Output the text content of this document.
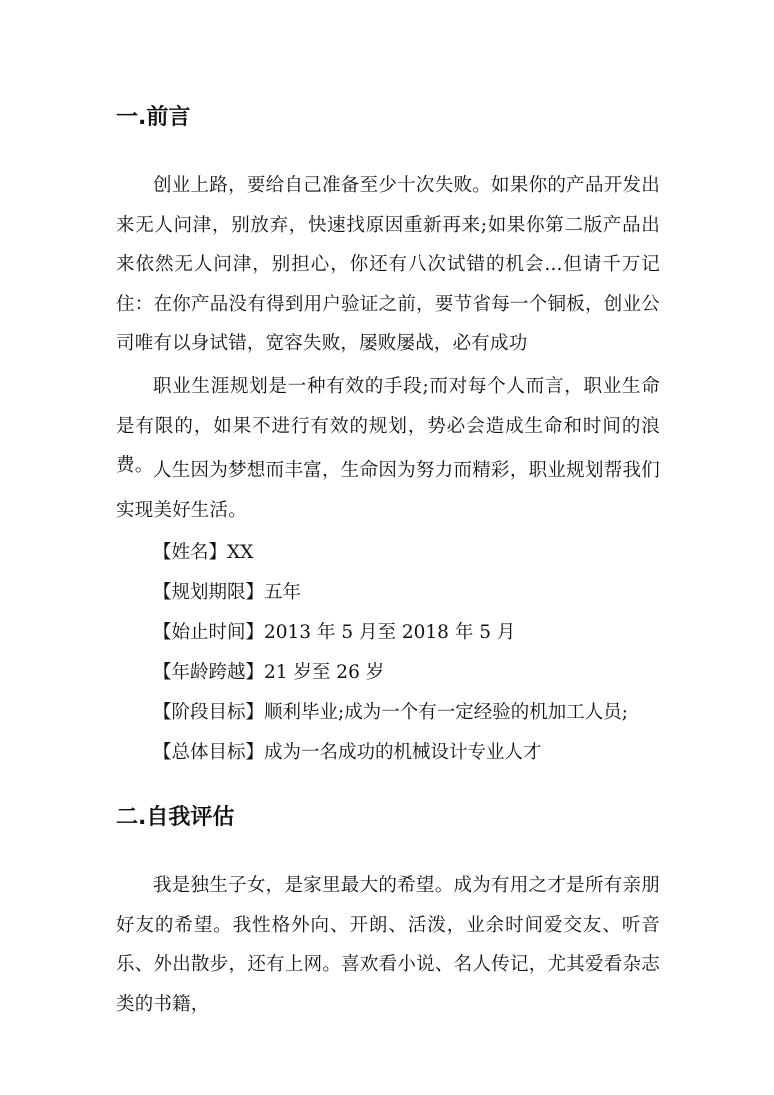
一.前言

创业上路，要给自己准备至少十次失败。如果你的产品开发出来无人问津，别放弃，快速找原因重新再来;如果你第二版产品出来依然无人问津，别担心，你还有八次试错的机会...但请千万记住：在你产品没有得到用户验证之前，要节省每一个铜板，创业公司唯有以身试错，宽容失败，屡败屡战，必有成功

职业生涯规划是一种有效的手段;而对每个人而言，职业生命是有限的，如果不进行有效的规划，势必会造成生命和时间的浪费。 人生因为梦想而丰富，生命因为努力而精彩，职业规划帮我们实现美好生活。

【姓名】XX
【规划期限】五年
【始止时间】2013 年 5 月至 2018 年 5 月
【年龄跨越】21 岁至 26 岁
【阶段目标】顺利毕业;成为一个有一定经验的机加工人员;
【总体目标】成为一名成功的机械设计专业人才
二.自我评估

我是独生子女，是家里最大的希望。成为有用之才是所有亲朋好友的希望。我性格外向、开朗、活泼，业余时间爱交友、听音乐、外出散步，还有上网。喜欢看小说、名人传记，尤其爱看杂志类的书籍，
